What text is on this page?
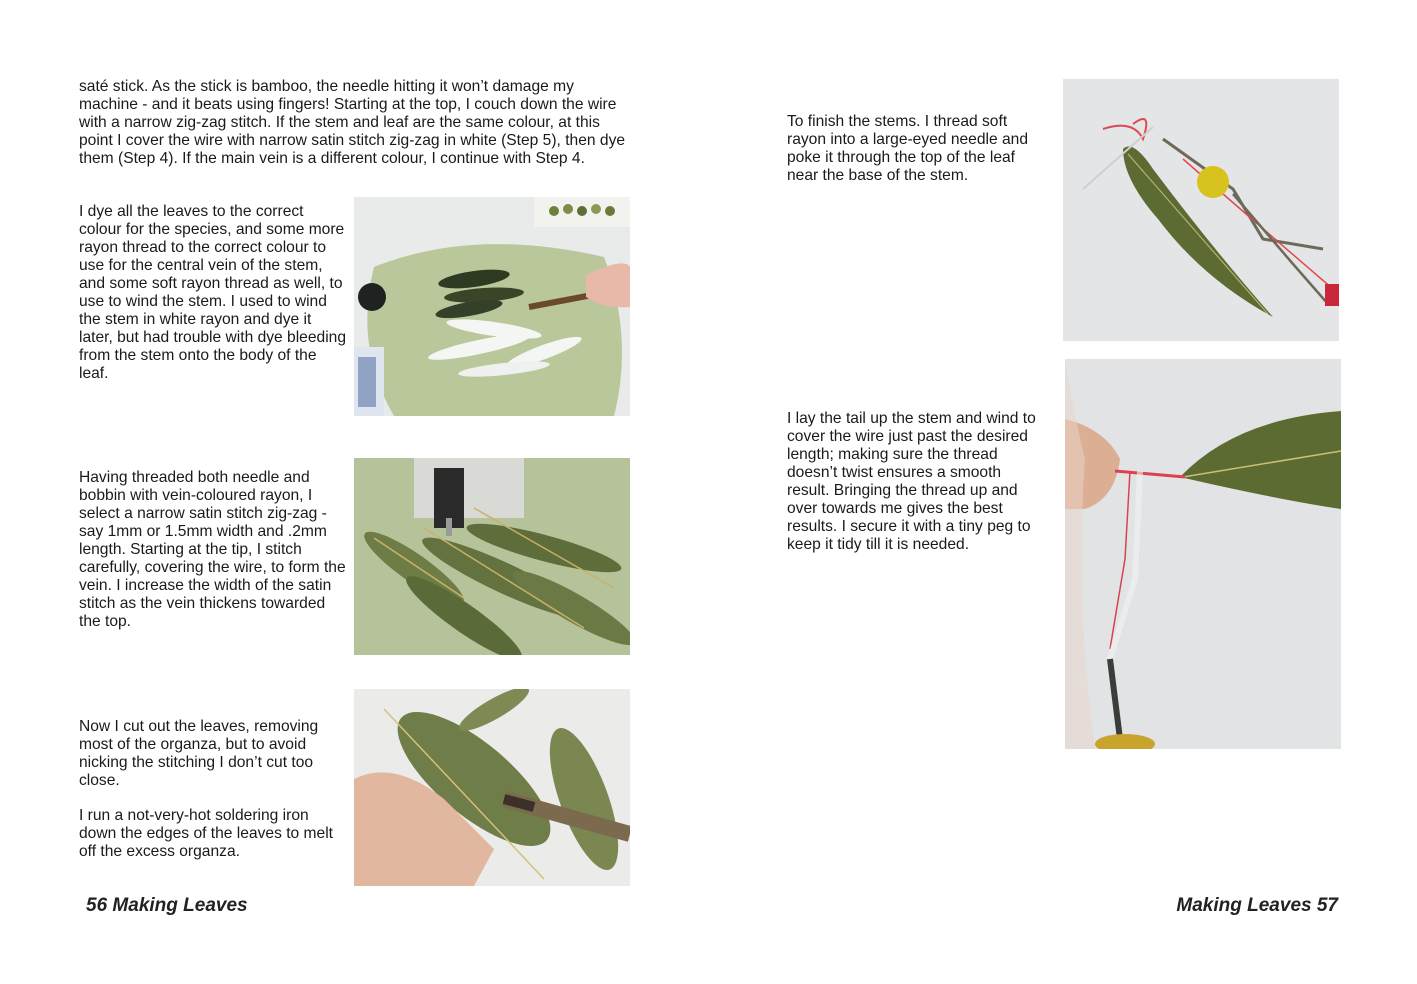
saté stick. As the stick is bamboo, the needle hitting it won’t damage my machine - and it beats using fingers! Starting at the top, I couch down the wire with a narrow zig-zag stitch. If the stem and leaf are the same colour, at this point I cover the wire with narrow satin stitch zig-zag in white (Step 5), then dye them (Step 4). If the main vein is a different colour, I continue with Step 4.

I dye all the leaves to the correct colour for the species, and some more rayon thread to the correct colour to use for the central vein of the stem, and some soft rayon thread as well, to use to wind the stem. I used to wind the stem in white rayon and dye it later, but had trouble with dye bleeding from the stem onto the body of the leaf.

Having threaded both needle and bobbin with vein-coloured rayon, I select a narrow satin stitch zig-zag - say 1mm or 1.5mm width and .2mm length. Starting at the tip, I stitch carefully, covering the wire, to form the vein. I increase the width of the satin stitch as the vein thickens towarded the top.

Now I cut out the leaves, removing most of the organza, but to avoid nicking the stitching I don’t cut too close.

I run a not-very-hot soldering iron down the edges of the leaves to melt off the excess organza.

56 Making Leaves

To finish the stems. I thread soft rayon into a large-eyed needle and poke it through the top of the leaf near the base of the stem.

I lay the tail up the stem and wind to cover the wire just past the desired length; making sure the thread doesn’t twist ensures a smooth result. Bringing the thread up and over towards me gives the best results. I secure it with a tiny peg to keep it tidy till it is needed.

Making Leaves 57
